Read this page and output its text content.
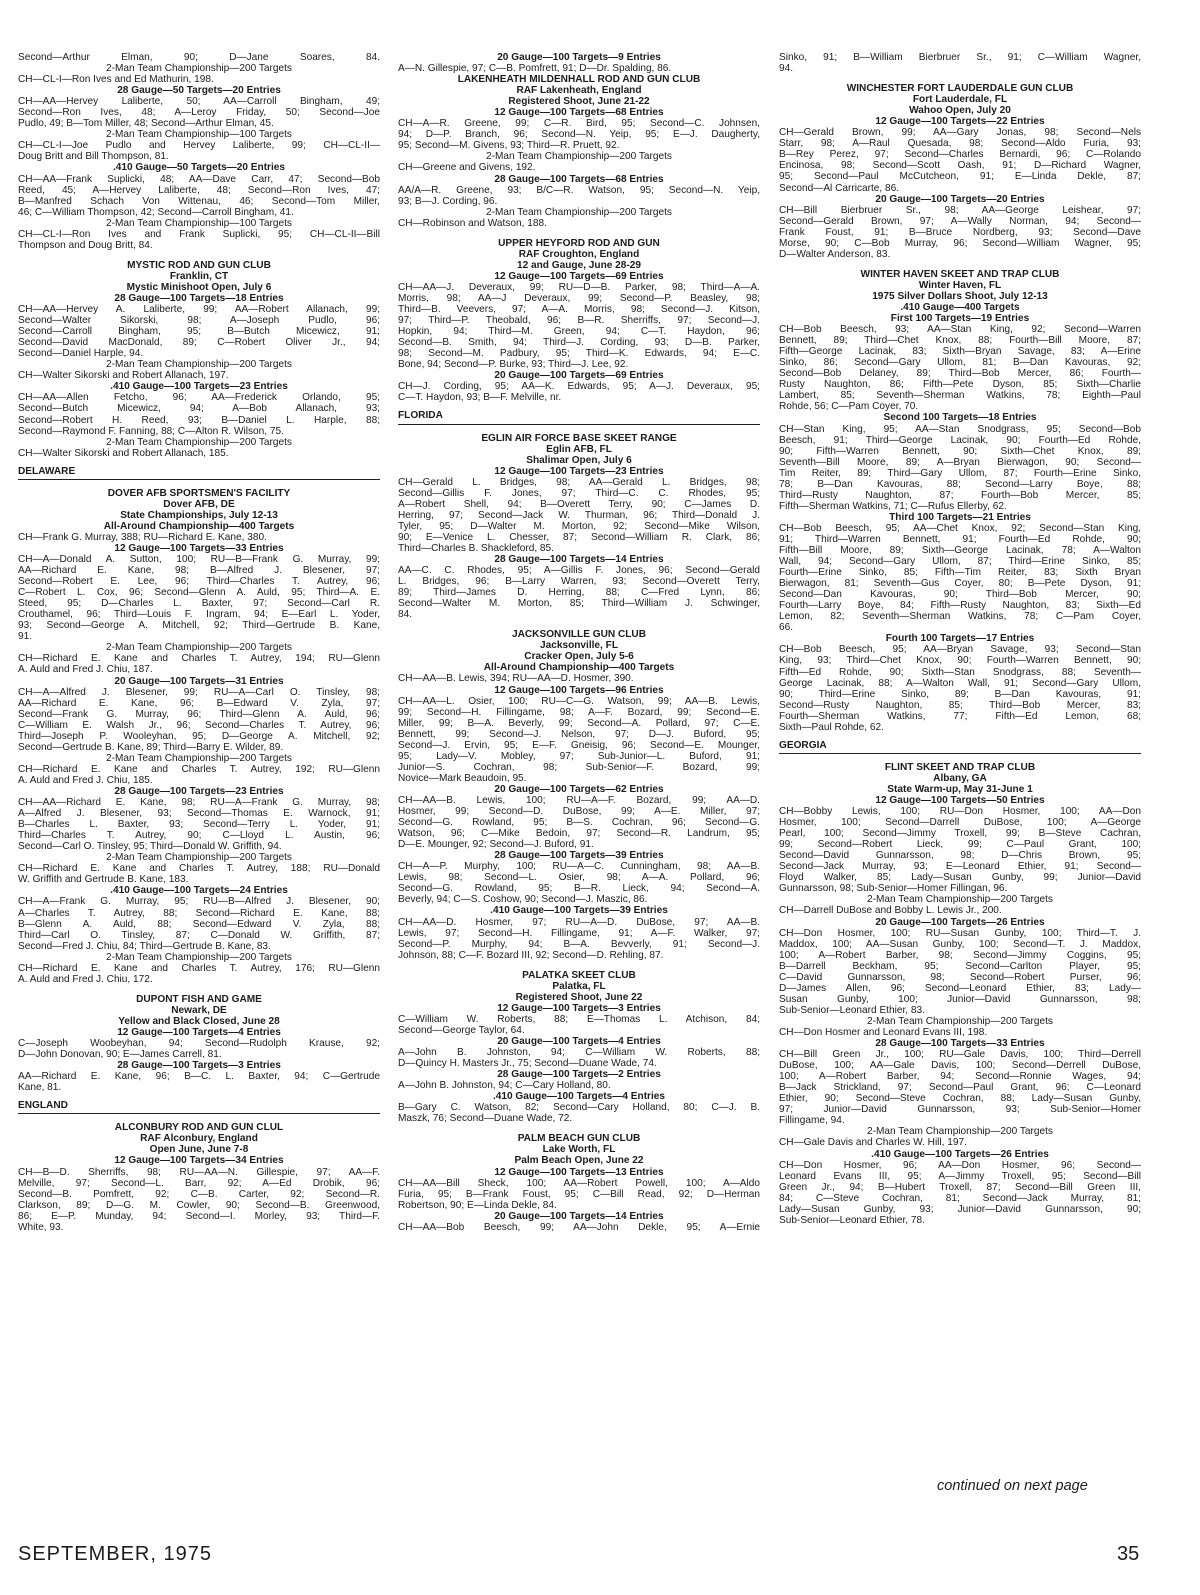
Second—Arthur Elman, 90; D—Jane Soares, 84.
2-Man Team Championship—200 Targets
CH—CL-I—Ron Ives and Ed Mathurin, 198.
28 Gauge—50 Targets—20 Entries
CH—AA—Hervey Laliberte, 50; AA—Carroll Bingham, 49;
Second—Ron Ives, 48; A—Leroy Friday, 50; Second—Joe
Pudlo, 49; B—Tom Miller, 48; Second—Arthur Elman, 45.
2-Man Team Championship—100 Targets
CH—CL-I—Joe Pudlo and Hervey Laliberte, 99; CH—CL-II—
Doug Britt and Bill Thompson, 81.
.410 Gauge—50 Targets—20 Entries
CH—AA—Frank Suplicki, 48; AA—Dave Carr, 47; Second—Bob
Reed, 45; A—Hervey Laliberte, 48; Second—Ron Ives, 47;
B—Manfred Schach Von Wittenau, 46; Second—Tom Miller,
46; C—William Thompson, 42; Second—Carroll Bingham, 41.
2-Man Team Championship—100 Targets
CH—CL-I—Ron Ives and Frank Suplicki, 95; CH—CL-II—Bill
Thompson and Doug Britt, 84.
MYSTIC ROD AND GUN CLUB
Franklin, CT
Mystic Minishoot Open, July 6
28 Gauge—100 Targets—18 Entries
CH—AA—Hervey A. Laliberte, 99; AA—Robert Allanach, 99;
Second—Walter Sikorski, 98; A—Joseph Pudlo, 96;
Second—Carroll Bingham, 95; B—Butch Micewicz, 91;
Second—David MacDonald, 89; C—Robert Oliver Jr., 94;
Second—Daniel Harple, 94.
2-Man Team Championship—200 Targets
CH—Walter Sikorski and Robert Allanach, 197.
.410 Gauge—100 Targets—23 Entries
CH—AA—Allen Fetcho, 96; AA—Frederick Orlando, 95;
Second—Butch Micewicz, 94; A—Bob Allanach, 93;
Second—Robert H. Reed, 93; B—Daniel L. Harple, 88;
Second—Raymond F. Fanning, 88; C—Alton R. Wilson, 75.
2-Man Team Championship—200 Targets
CH—Walter Sikorski and Robert Allanach, 185.
DELAWARE
DOVER AFB SPORTSMEN'S FACILITY
Dover AFB, DE
State Championships, July 12-13
All-Around Championship—400 Targets
CH—Frank G. Murray, 388; RU—Richard E. Kane, 380.
12 Gauge—100 Targets—33 Entries
CH—A—Donald A. Sutton, 100; RU—B—Frank G. Murray, 99;
AA—Richard E. Kane, 98; B—Alfred J. Blesener, 97;
Second—Robert E. Lee, 96; Third—Charles T. Autrey, 96;
C—Robert L. Cox, 96; Second—Glenn A. Auld, 95; Third—A. E.
Steed, 95; D—Charles L. Baxter, 97; Second—Carl R.
Crouthamel, 96; Third—Louis F. Ingram, 94; E—Earl L. Yoder,
93; Second—George A. Mitchell, 92; Third—Gertrude B. Kane,
91.
2-Man Team Championship—200 Targets
CH—Richard E. Kane and Charles T. Autrey, 194; RU—Glenn
A. Auld and Fred J. Chiu, 187.
20 Gauge—100 Targets—31 Entries
CH—A—Alfred J. Blesener, 99; RU—A—Carl O. Tinsley, 98;
AA—Richard E. Kane, 96; B—Edward V. Zyla, 97;
Second—Frank G. Murray, 96; Third—Glenn A. Auld, 96;
C—William E. Walsh Jr., 96; Second—Charles T. Autrey, 96;
Third—Joseph P. Wooleyhan, 95; D—George A. Mitchell, 92;
Second—Gertrude B. Kane, 89; Third—Barry E. Wilder, 89.
2-Man Team Championship—200 Targets
CH—Richard E. Kane and Charles T. Autrey, 192; RU—Glenn
A. Auld and Fred J. Chiu, 185.
28 Gauge—100 Targets—23 Entries
CH—AA—Richard E. Kane, 98; RU—A—Frank G. Murray, 98;
A—Alfred J. Blesener, 93; Second—Thomas E. Warnock, 91;
B—Charles L. Baxter, 93; Second—Terry L. Yoder, 91;
Third—Charles T. Autrey, 90; C—Lloyd L. Austin, 96;
Second—Carl O. Tinsley, 95; Third—Donald W. Griffith, 94.
2-Man Team Championship—200 Targets
CH—Richard E. Kane and Charles T. Autrey, 188; RU—Donald
W. Griffith and Gertrude B. Kane, 183.
.410 Gauge—100 Targets—24 Entries
CH—A—Frank G. Murray, 95; RU—B—Alfred J. Blesener, 90;
A—Charles T. Autrey, 88; Second—Richard E. Kane, 88;
B—Glenn A. Auld, 88; Second—Edward V. Zyla, 88;
Third—Carl O. Tinsley, 87; C—Donald W. Griffith, 87;
Second—Fred J. Chiu, 84; Third—Gertrude B. Kane, 83.
2-Man Team Championship—200 Targets
CH—Richard E. Kane and Charles T. Autrey, 176; RU—Glenn
A. Auld and Fred J. Chiu, 172.
DUPONT FISH AND GAME
Newark, DE
Yellow and Black Closed, June 28
12 Gauge—100 Targets—4 Entries
C—Joseph Woobeyhan, 94; Second—Rudolph Krause, 92;
D—John Donovan, 90; E—James Carrell, 81.
28 Gauge—100 Targets—3 Entries
AA—Richard E. Kane, 96; B—C. L. Baxter, 94; C—Gertrude
Kane, 81.
ENGLAND
ALCONBURY ROD AND GUN CLUL
RAF Alconbury, England
Open June, June 7-8
12 Gauge—100 Targets—34 Entries
CH—B—D. Sherriffs, 98; RU—AA—N. Gillespie, 97; AA—F.
Melville, 97; Second—L. Barr, 92; A—Ed Drobik, 96;
Second—B. Pomfrett, 92; C—B. Carter, 92; Second—R.
Clarkson, 89; D—G. M. Cowler, 90; Second—B. Greenwood,
86; E—P. Munday, 94; Second—I. Morley, 93; Third—F.
White, 93.
20 Gauge—100 Targets—9 Entries
A—N. Gillespie, 97; C—B. Pomfrett, 91; D—Dr. Spalding, 86.
LAKENHEATH MILDENHALL ROD AND GUN CLUB
RAF Lakenheath, England
Registered Shoot, June 21-22
12 Gauge—100 Targets—68 Entries
CH—A—R. Greene, 99; C—R. Bird, 95; Second—C. Johnsen,
94; D—P. Branch, 96; Second—N. Yeip, 95; E—J. Daugherty,
95; Second—M. Givens, 93; Third—R. Pruett, 92.
2-Man Team Championship—200 Targets
CH—Greene and Givens, 192.
28 Gauge—100 Targets—68 Entries
AA/A—R. Greene, 93; B/C—R. Watson, 95; Second—N. Yeip,
93; B—J. Cording, 96.
2-Man Team Championship—200 Targets
CH—Robinson and Watson, 188.
UPPER HEYFORD ROD AND GUN
RAF Croughton, England
12 and Gauge, June 28-29
12 Gauge—100 Targets—69 Entries
CH—AA—J. Deveraux, 99; RU—D—B. Parker, 98; Third—A—A.
Morris, 98; AA—J Deveraux, 99; Second—P. Beasley, 98;
Third—B. Veevers, 97; A—A. Morris, 98; Second—J. Kitson,
97; Third—P. Theobald, 96; B—R. Sherriffs, 97; Second—J.
Hopkin, 94; Third—M. Green, 94; C—T. Haydon, 96;
Second—B. Smith, 94; Third—J. Cording, 93; D—B. Parker,
98; Second—M. Padbury, 95; Third—K. Edwards, 94; E—C.
Bone, 94; Second—P. Burke, 93; Third—J. Lee, 92.
20 Gauge—100 Targets—69 Entries
CH—J. Cording, 95; AA—K. Edwards, 95; A—J. Deveraux, 95;
C—T. Haydon, 93; B—F. Melville, nr.
FLORIDA
EGLIN AIR FORCE BASE SKEET RANGE
Eglin AFB, FL
Shalimar Open, July 6
12 Gauge—100 Targets—23 Entries
CH—Gerald L. Bridges, 98; AA—Gerald L. Bridges, 98;
Second—Gillis F. Jones, 97; Third—C. C. Rhodes, 95;
A—Robert Shell, 94; B—Overett Terry, 90; C—James D.
Herring, 97; Second—Jack W. Thurman, 96; Third—Donald J.
Tyler, 95; D—Walter M. Morton, 92; Second—Mike Wilson,
90; E—Venice L. Chesser, 87; Second—William R. Clark, 86;
Third—Charles B. Shackleford, 85.
28 Gauge—100 Targets—14 Entries
AA—C. C. Rhodes, 95; A—Gillis F. Jones, 96; Second—Gerald
L. Bridges, 96; B—Larry Warren, 93; Second—Overett Terry,
89; Third—James D. Herring, 88; C—Fred Lynn, 86;
Second—Walter M. Morton, 85; Third—William J. Schwinger,
84.
JACKSONVILLE GUN CLUB
Jacksonville, FL
Cracker Open, July 5-6
All-Around Championship—400 Targets
CH—AA—B. Lewis, 394; RU—AA—D. Hosmer, 390.
12 Gauge—100 Targets—96 Entries
CH—AA—L. Osier, 100; RU—C—G. Watson, 99; AA—B. Lewis,
99; Second—H. Fillingame, 98; A—F. Bozard, 99; Second—E.
Miller, 99; B—A. Beverly, 99; Second—A. Pollard, 97; C—E.
Bennett, 99; Second—J. Nelson, 97; D—J. Buford, 95;
Second—J. Ervin, 95; E—F. Gneisig, 96; Second—E. Mounger,
95; Lady—V. Mobley, 97; Sub-Junior—L. Buford, 91;
Junior—S. Cochran, 98; Sub-Senior—F. Bozard, 99;
Novice—Mark Beaudoin, 95.
20 Gauge—100 Targets—62 Entries
CH—AA—B. Lewis, 100; RU—A—F. Bozard, 99; AA—D.
Hosmer, 99; Second—D. DuBose, 99; A—E. Miller, 97;
Second—G. Rowland, 95; B—S. Cochran, 96; Second—G.
Watson, 96; C—Mike Bedoin, 97; Second—R. Landrum, 95;
D—E. Mounger, 92; Second—J. Buford, 91.
28 Gauge—100 Targets—39 Entries
CH—A—P. Murphy, 100; RU—A—C. Cunningham, 98; AA—B.
Lewis, 98; Second—L. Osier, 98; A—A. Pollard, 96;
Second—G. Rowland, 95; B—R. Lieck, 94; Second—A.
Beverly, 94; C—S. Coshow, 90; Second—J. Maszic, 86.
.410 Gauge—100 Targets—39 Entries
CH—AA—D. Hosmer, 97; RU—A—D. DuBose, 97; AA—B.
Lewis, 97; Second—H. Fillingame, 91; A—F. Walker, 97;
Second—P. Murphy, 94; B—A. Bevverly, 91; Second—J.
Johnson, 88; C—F. Bozard III, 92; Second—D. Rehling, 87.
PALATKA SKEET CLUB
Palatka, FL
Registered Shoot, June 22
12 Gauge—100 Targets—3 Entries
C—William W. Roberts, 88; E—Thomas L. Atchison, 84;
Second—George Taylor, 64.
20 Gauge—100 Targets—4 Entries
A—John B. Johnston, 94; C—William W. Roberts, 88;
D—Quincy H. Masters Jr., 75; Second—Duane Wade, 74.
28 Gauge—100 Targets—2 Entries
A—John B. Johnston, 94; C—Cary Holland, 80.
.410 Gauge—100 Targets—4 Entries
B—Gary C. Watson, 82; Second—Cary Holland, 80; C—J. B.
Maszk, 76; Second—Duane Wade, 72.
PALM BEACH GUN CLUB
Lake Worth, FL
Palm Beach Open, June 22
12 Gauge—100 Targets—13 Entries
CH—AA—Bill Sheck, 100; AA—Robert Powell, 100; A—Aldo
Furia, 95; B—Frank Foust, 95; C—Bill Read, 92; D—Herman
Robertson, 90; E—Linda Dekle, 84.
20 Gauge—100 Targets—14 Entries
CH—AA—Bob Beesch, 99; AA—John Dekle, 95; A—Ernie
Sinko, 91; B—William Bierbruer Sr., 91; C—William Wagner,
94.
WINCHESTER FORT LAUDERDALE GUN CLUB
Fort Lauderdale, FL
Wahoo Open, July 20
12 Gauge—100 Targets—22 Entries
CH—Gerald Brown, 99; AA—Gary Jonas, 98; Second—Nels
Starr, 98; A—Raul Quesada, 98; Second—Aldo Furia, 93;
B—Rey Perez, 97; Second—Charles Bernardi, 96; C—Rolando
Encinosa, 98; Second—Scott Oash, 91; D—Richard Wagner,
95; Second—Paul McCutcheon, 91; E—Linda Dekle, 87;
Second—Al Carricarte, 86.
20 Gauge—100 Targets—20 Entries
CH—Bill Bierbruer Sr., 98; AA—George Leishear, 97;
Second—Gerald Brown, 97; A—Wally Norman, 94; Second—
Frank Foust, 91; B—Bruce Nordberg, 93; Second—Dave
Morse, 90; C—Bob Murray, 96; Second—William Wagner, 95;
D—Walter Anderson, 83.
WINTER HAVEN SKEET AND TRAP CLUB
Winter Haven, FL
1975 Silver Dollars Shoot, July 12-13
.410 Gauge—400 Targets
First 100 Targets—19 Entries
CH—Bob Beesch, 93; AA—Stan King, 92; Second—Warren
Bennett, 89; Third—Chet Knox, 88; Fourth—Bill Moore, 87;
Fifth—George Lacinak, 83; Sixth—Bryan Savage, 83; A—Erine
Sinko, 86; Second—Gary Ullom, 81; B—Dan Kavouras, 92;
Second—Bob Delaney, 89; Third—Bob Mercer, 86; Fourth—
Rusty Naughton, 86; Fifth—Pete Dyson, 85; Sixth—Charlie
Lambert, 85; Seventh—Sherman Watkins, 78; Eighth—Paul
Rohde, 56; C—Pam Coyer, 70.
Second 100 Targets—18 Entries
CH—Stan King, 95; AA—Stan Snodgrass, 95; Second—Bob
Beesch, 91; Third—George Lacinak, 90; Fourth—Ed Rohde,
90; Fifth—Warren Bennett, 90; Sixth—Chet Knox, 89;
Seventh—Bill Moore, 89; A—Bryan Bierwagon, 90; Second—
Tim Reiter, 89; Third—Gary Ullom, 87; Fourth—Erine Sinko,
78; B—Dan Kavouras, 88; Second—Larry Boye, 88;
Third—Rusty Naughton, 87; Fourth—Bob Mercer, 85;
Fifth—Sherman Watkins, 71; C—Rufus Ellerby, 62.
Third 100 Targets—21 Entries
CH—Bob Beesch, 95; AA—Chet Knox, 92; Second—Stan King,
91; Third—Warren Bennett, 91; Fourth—Ed Rohde, 90;
Fifth—Bill Moore, 89; Sixth—George Lacinak, 78; A—Walton
Wall, 94; Second—Gary Ullom, 87; Third—Erine Sinko, 85;
Fourth—Erine Sinko, 85; Fifth—Tim Reiter, 83; Sixth Bryan
Bierwagon, 81; Seventh—Gus Coyer, 80; B—Pete Dyson, 91;
Second—Dan Kavouras, 90; Third—Bob Mercer, 90;
Fourth—Larry Boye, 84; Fifth—Rusty Naughton, 83; Sixth—Ed
Lemon, 82; Seventh—Sherman Watkins, 78; C—Pam Coyer,
66.
Fourth 100 Targets—17 Entries
CH—Bob Beesch, 95; AA—Bryan Savage, 93; Second—Stan
King, 93; Third—Chet Knox, 90; Fourth—Warren Bennett, 90;
Fifth—Ed Rohde, 90; Sixth—Stan Snodgrass, 88; Seventh—
George Lacinak, 88; A—Walton Wall, 91; Second—Gary Ullom,
90; Third—Erine Sinko, 89; B—Dan Kavouras, 91;
Second—Rusty Naughton, 85; Third—Bob Mercer, 83;
Fourth—Sherman Watkins, 77; Fifth—Ed Lemon, 68;
Sixth—Paul Rohde, 62.
GEORGIA
FLINT SKEET AND TRAP CLUB
Albany, GA
State Warm-up, May 31-June 1
12 Gauge—100 Targets—50 Entries
CH—Bobby Lewis, 100; RU—Don Hosmer, 100; AA—Don
Hosmer, 100; Second—Darrell DuBose, 100; A—George
Pearl, 100; Second—Jimmy Troxell, 99; B—Steve Cachran,
99; Second—Robert Lieck, 99; C—Paul Grant, 100;
Second—David Gunnarsson, 98; D—Chris Brown, 95;
Second—Jack Murray, 93; E—Leonard Ethier, 91; Second—
Floyd Walker, 85; Lady—Susan Gunby, 99; Junior—David
Gunnarsson, 98; Sub-Senior—Homer Fillingan, 96.
2-Man Team Championship—200 Targets
CH—Darrell DuBose and Bobby L. Lewis Jr., 200.
20 Gauge—100 Targets—26 Entries
CH—Don Hosmer, 100; RU—Susan Gunby, 100; Third—T. J.
Maddox, 100; AA—Susan Gunby, 100; Second—T. J. Maddox,
100; A—Robert Barber, 98; Second—Jimmy Coggins, 95;
B—Darrell Beckham, 95; Second—Carlton Player, 95;
C—David Gunnarsson, 98; Second—Robert Purser, 96;
D—James Allen, 96; Second—Leonard Ethier, 83; Lady—
Susan Gunby, 100; Junior—David Gunnarsson, 98;
Sub-Senior—Leonard Ethier, 83.
2-Man Team Championship—200 Targets
CH—Don Hosmer and Leonard Evans III, 198.
28 Gauge—100 Targets—33 Entries
CH—Bill Green Jr., 100; RU—Gale Davis, 100; Third—Derrell
DuBose, 100; AA—Gale Davis, 100; Second—Derrell DuBose,
100; A—Robert Barber, 94; Second—Ronnie Wages, 94;
B—Jack Strickland, 97; Second—Paul Grant, 96; C—Leonard
Ethier, 90; Second—Steve Cochran, 88; Lady—Susan Gunby,
97; Junior—David Gunnarsson, 93; Sub-Senior—Homer
Fillingame, 94.
2-Man Team Championship—200 Targets
CH—Gale Davis and Charles W. Hill, 197.
.410 Gauge—100 Targets—26 Entries
CH—Don Hosmer, 96; AA—Don Hosmer, 96; Second—
Leonard Evans III, 95; A—Jimmy Troxell, 95; Second—Bill
Green Jr., 94; B—Hubert Troxell, 87; Second—Bill Green III,
84; C—Steve Cochran, 81; Second—Jack Murray, 81;
Lady—Susan Gunby, 93; Junior—David Gunnarsson, 90;
Sub-Senior—Leonard Ethier, 78.
continued on next page
SEPTEMBER, 1975	35
